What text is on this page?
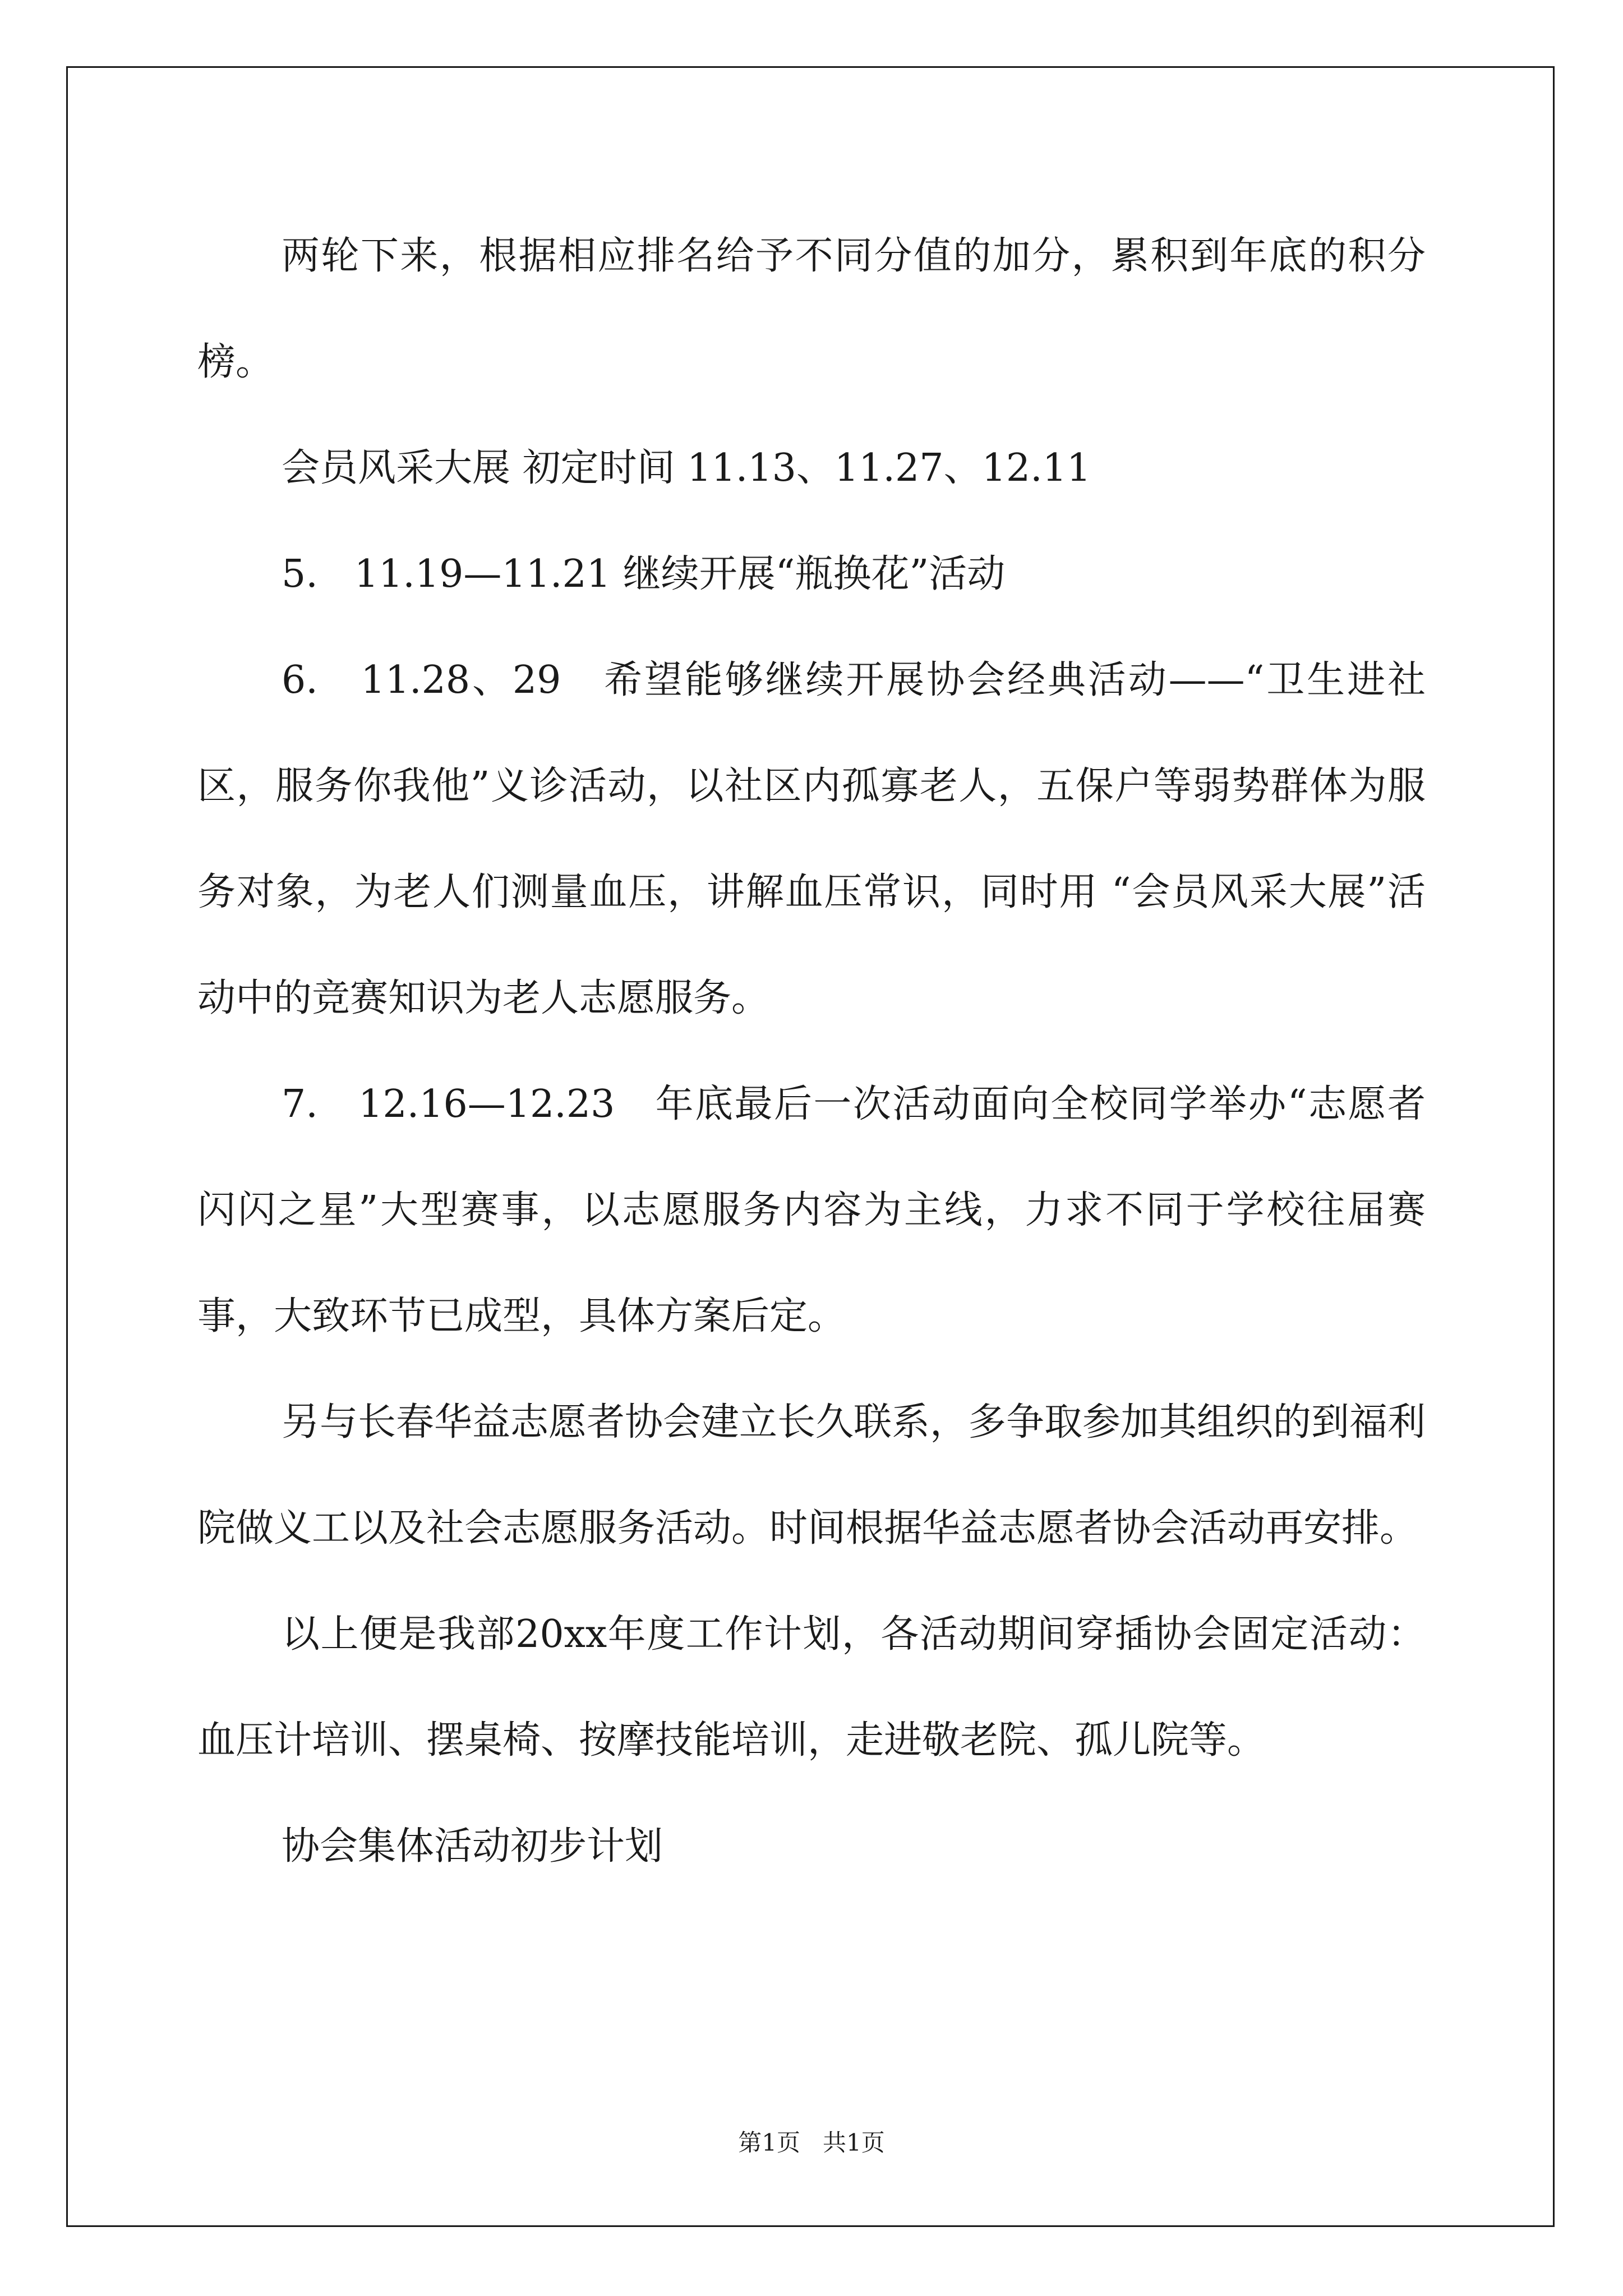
两轮下来，根据相应排名给予不同分值的加分，累积到年底的积分榜。

会员风采大展 初定时间 11.13、11.27、12.11

5.   11.19—11.21 继续开展“瓶换花”活动

6.   11.28、29   希望能够继续开展协会经典活动——“卫生进社区，服务你我他”义诊活动，以社区内孤寡老人，五保户等弱势群体为服务对象，为老人们测量血压，讲解血压常识，同时用 “会员风采大展”活动中的竞赛知识为老人志愿服务。

7.   12.16—12.23   年底最后一次活动面向全校同学举办“志愿者闪闪之星”大型赛事，以志愿服务内容为主线，力求不同于学校往届赛事，大致环节已成型，具体方案后定。

另与长春华益志愿者协会建立长久联系，多争取参加其组织的到福利院做义工以及社会志愿服务活动。时间根据华益志愿者协会活动再安排。

以上便是我部20xx年度工作计划，各活动期间穿插协会固定活动：血压计培训、摆桌椅、按摩技能培训，走进敬老院、孤儿院等。

协会集体活动初步计划

第1页   共1页
